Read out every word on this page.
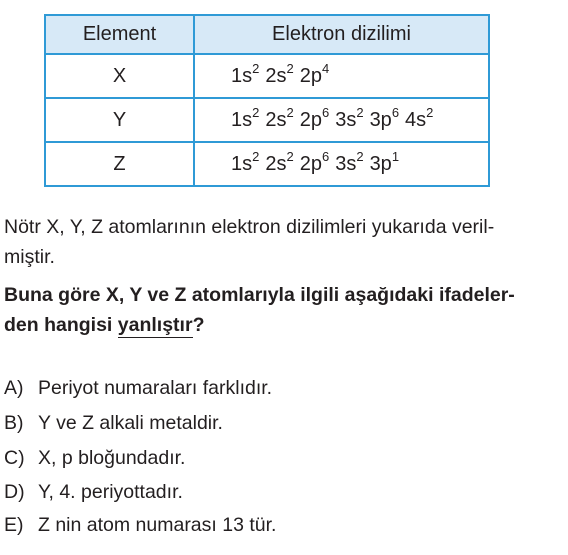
Element	Elektron dizilimi
X	$1s^2$ $2s^2$ $2p^4$
Y	$1s^2$ $2s^2$ $2p^6$ $3s^2$ $3p^6$ $4s^2$
Z	$1s^2$ $2s^2$ $2p^6$ $3s^2$ $3p^1$
Nötr X, Y, Z atomlarının elektron dizilimleri yukarıda veril-
miştir.
Buna göre X, Y ve Z atomlarıyla ilgili aşağıdaki ifadeler-
den hangisi yanlıştır?
A) Periyot numaraları farklıdır.
B) Y ve Z alkali metaldir.
C) X, p bloğundadır.
D) Y, 4. periyottadır.
E) Z nin atom numarası 13 tür.
